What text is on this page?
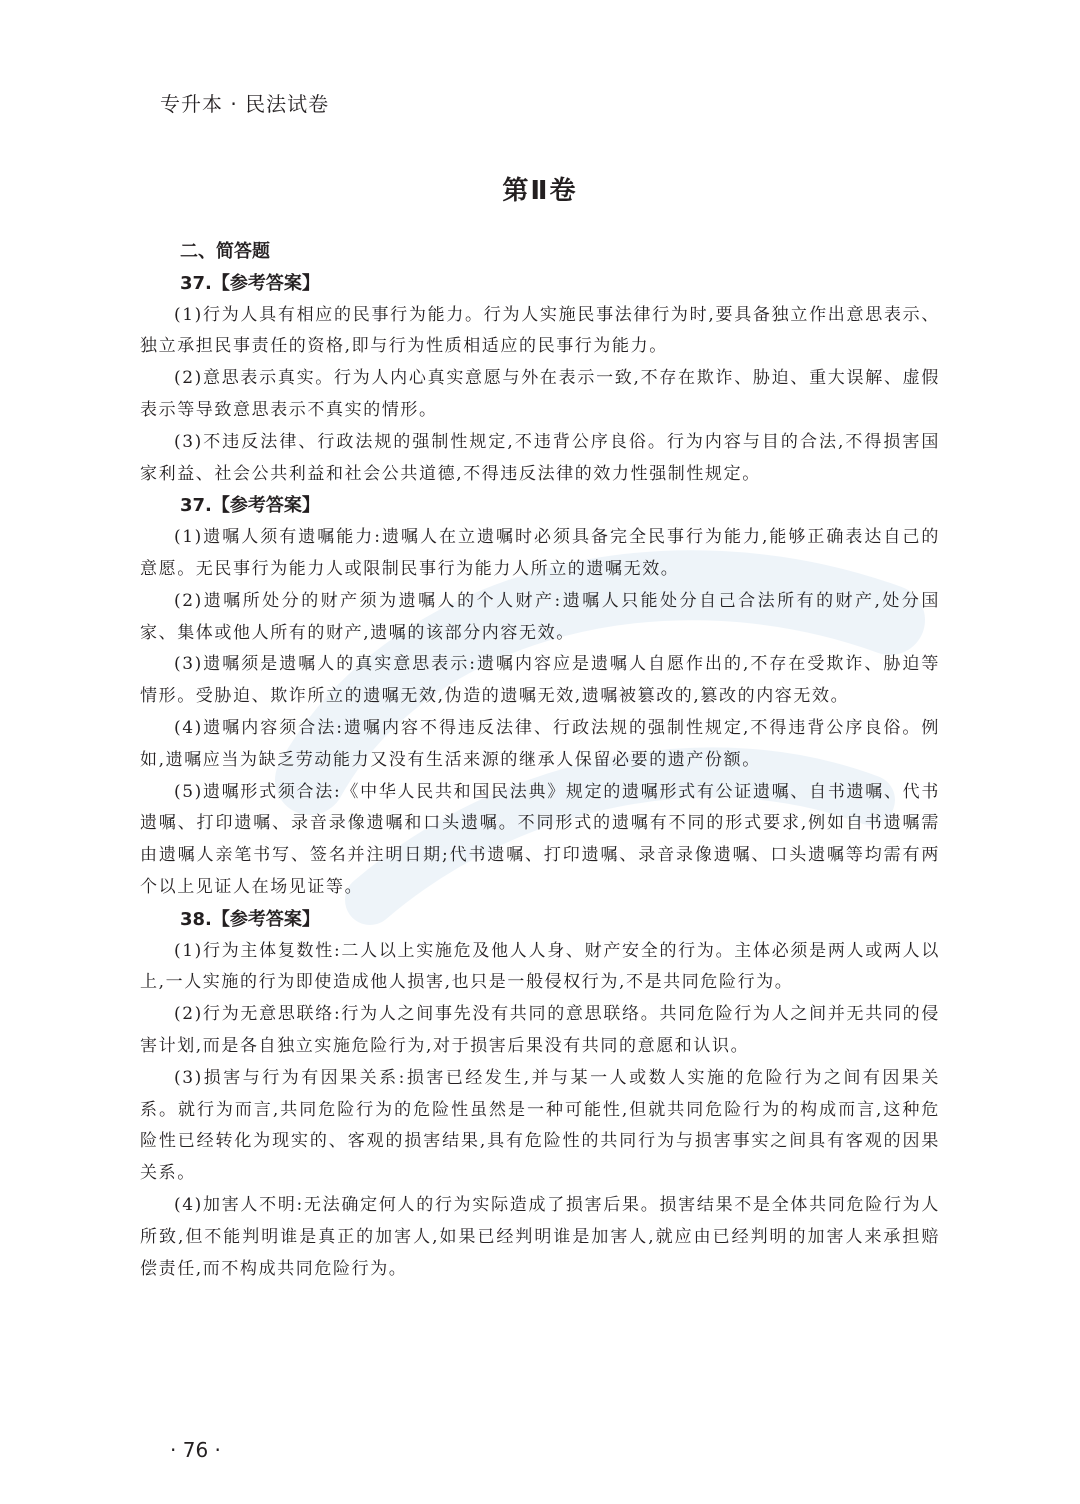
专升本 · 民法试卷
第Ⅱ卷
二、简答题
37.【参考答案】

(1)行为人具有相应的民事行为能力。行为人实施民事法律行为时,要具备独立作出意思表示、独立承担民事责任的资格,即与行为性质相适应的民事行为能力。

(2)意思表示真实。行为人内心真实意愿与外在表示一致,不存在欺诈、胁迫、重大误解、虚假表示等导致意思表示不真实的情形。

(3)不违反法律、行政法规的强制性规定,不违背公序良俗。行为内容与目的合法,不得损害国家利益、社会公共利益和社会公共道德,不得违反法律的效力性强制性规定。

37.【参考答案】

(1)遗嘱人须有遗嘱能力:遗嘱人在立遗嘱时必须具备完全民事行为能力,能够正确表达自己的意愿。无民事行为能力人或限制民事行为能力人所立的遗嘱无效。

(2)遗嘱所处分的财产须为遗嘱人的个人财产:遗嘱人只能处分自己合法所有的财产,处分国家、集体或他人所有的财产,遗嘱的该部分内容无效。

(3)遗嘱须是遗嘱人的真实意思表示:遗嘱内容应是遗嘱人自愿作出的,不存在受欺诈、胁迫等情形。受胁迫、欺诈所立的遗嘱无效,伪造的遗嘱无效,遗嘱被篡改的,篡改的内容无效。

(4)遗嘱内容须合法:遗嘱内容不得违反法律、行政法规的强制性规定,不得违背公序良俗。例如,遗嘱应当为缺乏劳动能力又没有生活来源的继承人保留必要的遗产份额。

(5)遗嘱形式须合法:《中华人民共和国民法典》规定的遗嘱形式有公证遗嘱、自书遗嘱、代书遗嘱、打印遗嘱、录音录像遗嘱和口头遗嘱。不同形式的遗嘱有不同的形式要求,例如自书遗嘱需由遗嘱人亲笔书写、签名并注明日期;代书遗嘱、打印遗嘱、录音录像遗嘱、口头遗嘱等均需有两个以上见证人在场见证等。

38.【参考答案】

(1)行为主体复数性:二人以上实施危及他人人身、财产安全的行为。主体必须是两人或两人以上,一人实施的行为即使造成他人损害,也只是一般侵权行为,不是共同危险行为。

(2)行为无意思联络:行为人之间事先没有共同的意思联络。共同危险行为人之间并无共同的侵害计划,而是各自独立实施危险行为,对于损害后果没有共同的意愿和认识。

(3)损害与行为有因果关系:损害已经发生,并与某一人或数人实施的危险行为之间有因果关系。就行为而言,共同危险行为的危险性虽然是一种可能性,但就共同危险行为的构成而言,这种危险性已经转化为现实的、客观的损害结果,具有危险性的共同行为与损害事实之间具有客观的因果关系。

(4)加害人不明:无法确定何人的行为实际造成了损害后果。损害结果不是全体共同危险行为人所致,但不能判明谁是真正的加害人,如果已经判明谁是加害人,就应由已经判明的加害人来承担赔偿责任,而不构成共同危险行为。

· 76 ·
